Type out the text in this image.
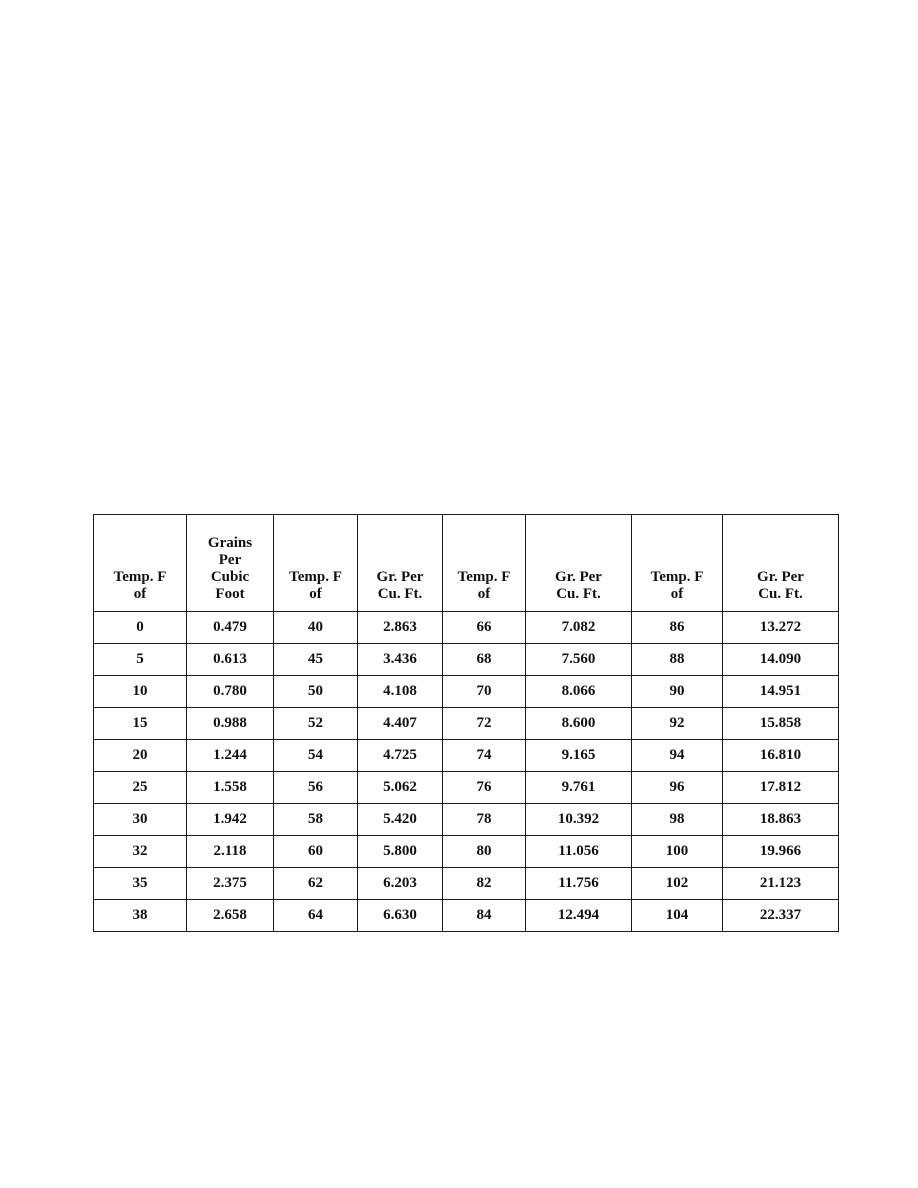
Temp. F
of	Grains
Per
Cubic
Foot	Temp. F
of	Gr. Per
Cu. Ft.	Temp. F
of	Gr. Per
Cu. Ft.	Temp. F
of	Gr. Per
Cu. Ft.

0	0.479	40	2.863	66	7.082	86	13.272
5	0.613	45	3.436	68	7.560	88	14.090
10	0.780	50	4.108	70	8.066	90	14.951
15	0.988	52	4.407	72	8.600	92	15.858
20	1.244	54	4.725	74	9.165	94	16.810
25	1.558	56	5.062	76	9.761	96	17.812
30	1.942	58	5.420	78	10.392	98	18.863
32	2.118	60	5.800	80	11.056	100	19.966
35	2.375	62	6.203	82	11.756	102	21.123
38	2.658	64	6.630	84	12.494	104	22.337
